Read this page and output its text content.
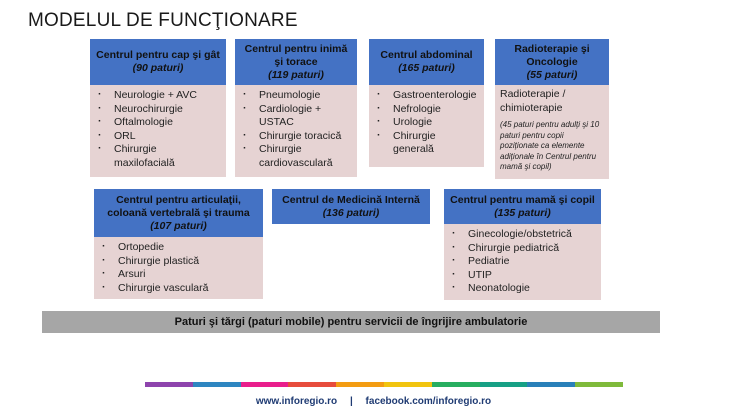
MODELUL DE FUNCŢIONARE
Centrul pentru cap şi gât
(90 paturi)
· Neurologie + AVC
· Neurochirurgie
· Oftalmologie
· ORL
· Chirurgie maxilofacială
Centrul pentru inimă şi torace
(119 paturi)
· Pneumologie
· Cardiologie + USTAC
· Chirurgie toracică
· Chirurgie cardiovasculară
Centrul abdominal
(165 paturi)
· Gastroenterologie
· Nefrologie
· Urologie
· Chirurgie generală
Radioterapie şi Oncologie
(55 paturi)
Radioterapie / chimioterapie
(45 paturi pentru adulţi şi 10 paturi pentru copii poziţionate ca elemente adiţionale în Centrul pentru mamă şi copil)
Centrul pentru articulaţii, coloană vertebrală şi trauma
(107 paturi)
· Ortopedie
· Chirurgie plastică
· Arsuri
· Chirurgie vasculară
Centrul de Medicină Internă
(136 paturi)
Centrul pentru mamă şi copil
(135 paturi)
· Ginecologie/obstetrică
· Chirurgie pediatrică
· Pediatrie
· UTIP
· Neonatologie
Paturi şi tărgi (paturi mobile) pentru servicii de îngrijire ambulatorie
www.inforegio.ro | facebook.com/inforegio.ro
